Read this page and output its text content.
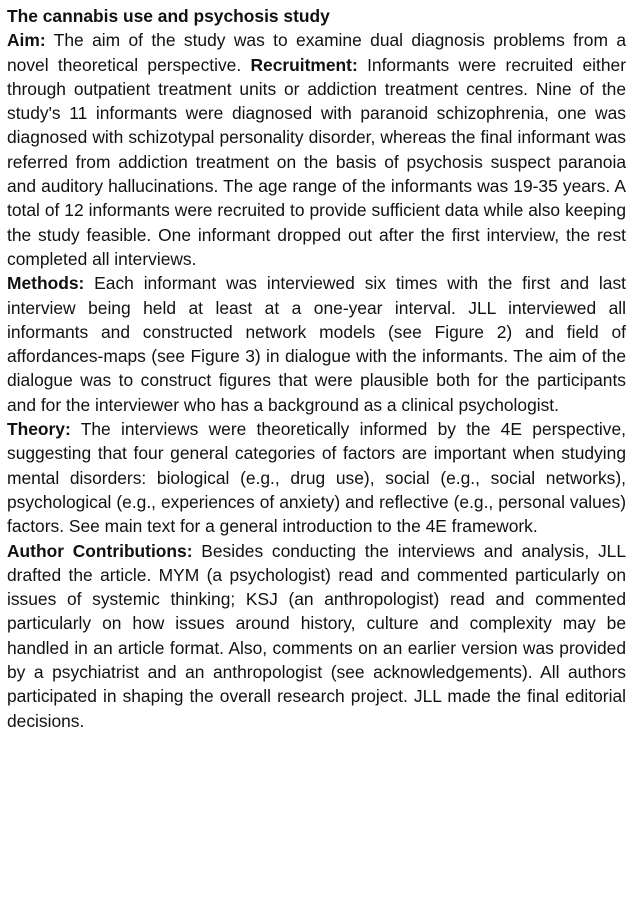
The cannabis use and psychosis study

Aim: The aim of the study was to examine dual diagnosis problems from a novel theoretical perspective. Recruitment: Informants were recruited either through outpatient treatment units or addiction treatment centres. Nine of the study's 11 informants were diagnosed with paranoid schizophrenia, one was diagnosed with schizotypal personality disorder, whereas the final informant was referred from addiction treatment on the basis of psychosis suspect paranoia and auditory hallucinations. The age range of the informants was 19-35 years. A total of 12 informants were recruited to provide sufficient data while also keeping the study feasible. One informant dropped out after the first interview, the rest completed all interviews.

Methods: Each informant was interviewed six times with the first and last interview being held at least at a one-year interval. JLL interviewed all informants and constructed network models (see Figure 2) and field of affordances-maps (see Figure 3) in dialogue with the informants. The aim of the dialogue was to construct figures that were plausible both for the participants and for the interviewer who has a background as a clinical psychologist.

Theory: The interviews were theoretically informed by the 4E perspective, suggesting that four general categories of factors are important when studying mental disorders: biological (e.g., drug use), social (e.g., social networks), psychological (e.g., experiences of anxiety) and reflective (e.g., personal values) factors. See main text for a general introduction to the 4E framework.

Author Contributions: Besides conducting the interviews and analysis, JLL drafted the article. MYM (a psychologist) read and commented particularly on issues of systemic thinking; KSJ (an anthropologist) read and commented particularly on how issues around history, culture and complexity may be handled in an article format. Also, comments on an earlier version was provided by a psychiatrist and an anthropologist (see acknowledgements). All authors participated in shaping the overall research project. JLL made the final editorial decisions.
